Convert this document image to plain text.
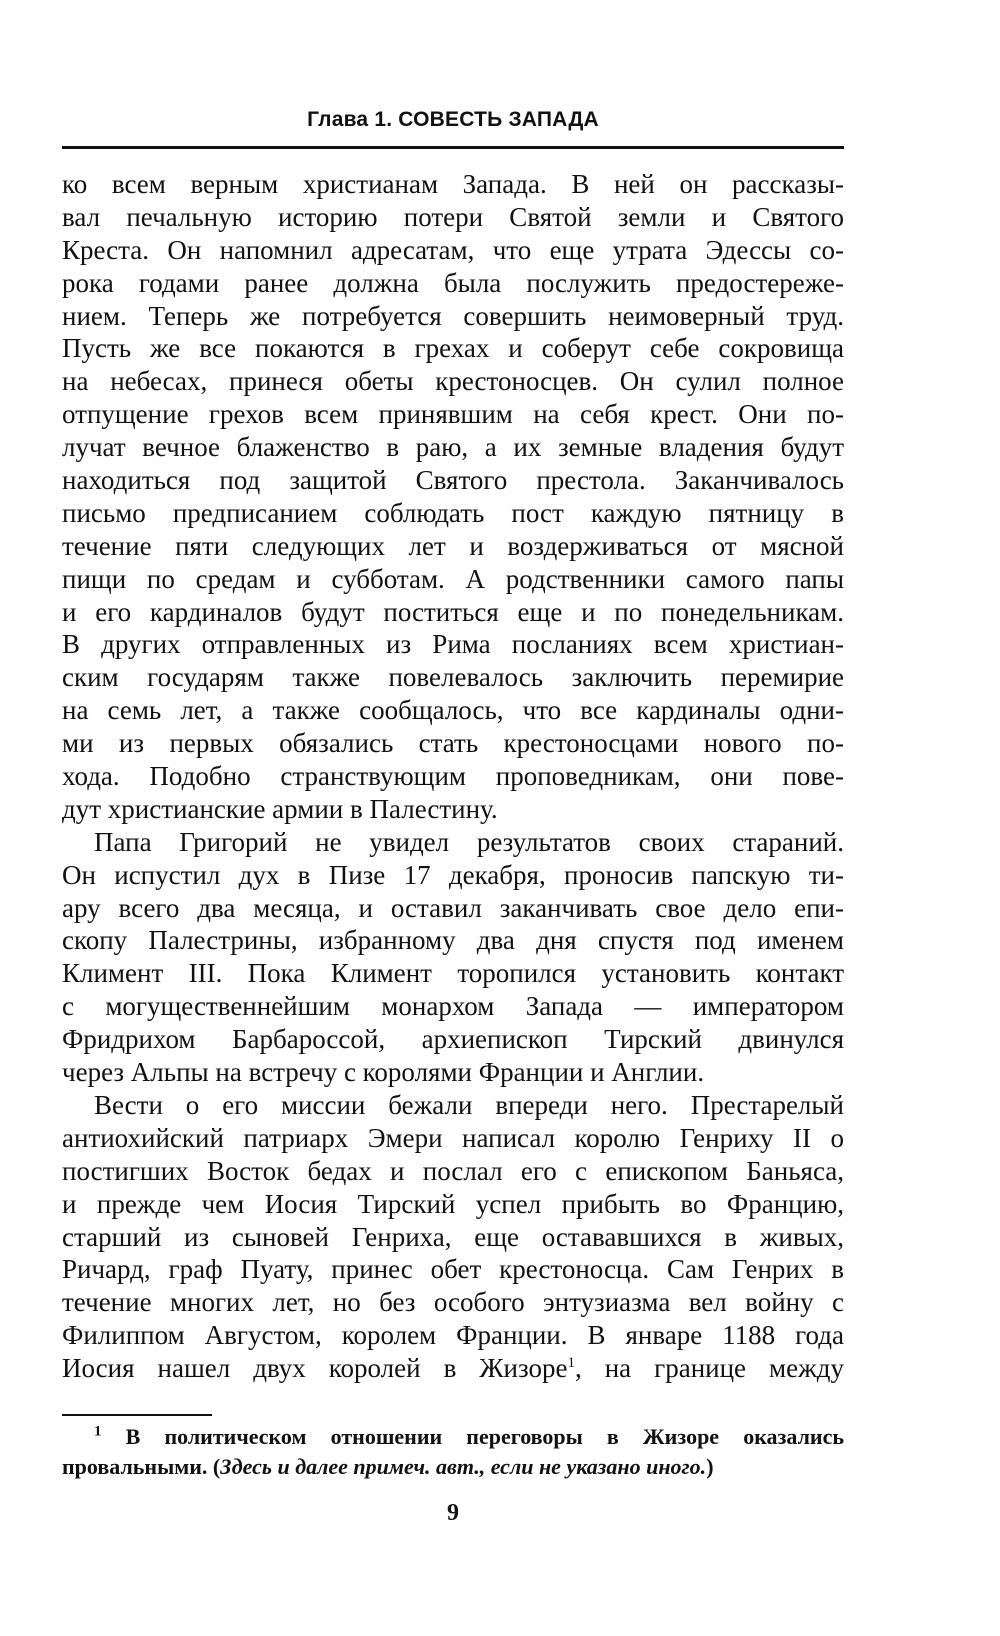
Глава 1. СОВЕСТЬ ЗАПАДА
ко всем верным христианам Запада. В ней он рассказы-
вал печальную историю потери Святой земли и Святого
Креста. Он напомнил адресатам, что еще утрата Эдессы со-
рока годами ранее должна была послужить предостереже-
нием. Теперь же потребуется совершить неимоверный труд.
Пусть же все покаются в грехах и соберут себе сокровища
на небесах, принеся обеты крестоносцев. Он сулил полное
отпущение грехов всем принявшим на себя крест. Они по-
лучат вечное блаженство в раю, а их земные владения будут
находиться под защитой Святого престола. Заканчивалось
письмо предписанием соблюдать пост каждую пятницу в
течение пяти следующих лет и воздерживаться от мясной
пищи по средам и субботам. А родственники самого папы
и его кардиналов будут поститься еще и по понедельникам.
В других отправленных из Рима посланиях всем христиан-
ским государям также повелевалось заключить перемирие
на семь лет, а также сообщалось, что все кардиналы одни-
ми из первых обязались стать крестоносцами нового по-
хода. Подобно странствующим проповедникам, они пове-
дут христианские армии в Палестину.
Папа Григорий не увидел результатов своих стараний.
Он испустил дух в Пизе 17 декабря, проносив папскую ти-
ару всего два месяца, и оставил заканчивать свое дело епи-
скопу Палестрины, избранному два дня спустя под именем
Климент III. Пока Климент торопился установить контакт
с могущественнейшим монархом Запада — императором
Фридрихом Барбароссой, архиепископ Тирский двинулся
через Альпы на встречу с королями Франции и Англии.
Вести о его миссии бежали впереди него. Престарелый
антиохийский патриарх Эмери написал королю Генриху II о
постигших Восток бедах и послал его с епископом Баньяса,
и прежде чем Иосия Тирский успел прибыть во Францию,
старший из сыновей Генриха, еще остававшихся в живых,
Ричард, граф Пуату, принес обет крестоносца. Сам Генрих в
течение многих лет, но без особого энтузиазма вел войну с
Филиппом Августом, королем Франции. В январе 1188 года
Иосия нашел двух королей в Жизоре$^1$, на границе между
$^1$ В политическом отношении переговоры в Жизоре оказались
провальными. (Здесь и далее примеч. авт., если не указано иного.)
9
